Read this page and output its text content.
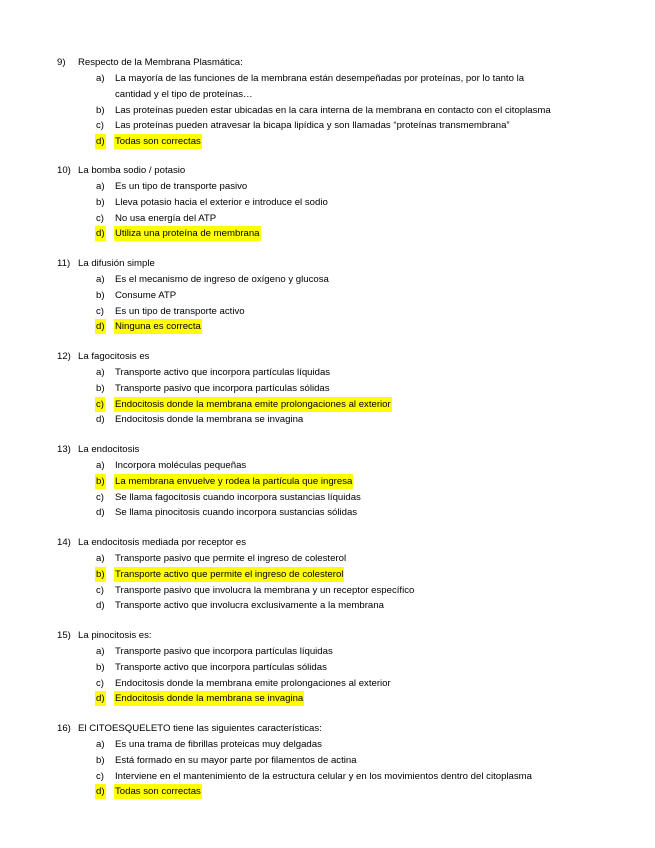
9) Respecto de la Membrana Plasmática:
a) La mayoría de las funciones de la membrana están desempeñadas por proteínas, por lo tanto la
cantidad y el tipo de proteínas…
b) Las proteínas pueden estar ubicadas en la cara interna de la membrana en contacto con el citoplasma
c) Las proteínas pueden atravesar la bicapa lipídica y son llamadas “proteínas transmembrana”
d) Todas son correctas
10) La bomba sodio / potasio
a) Es un tipo de transporte pasivo
b) Lleva potasio hacia el exterior e introduce el sodio
c) No usa energía del ATP
d) Utiliza una proteína de membrana
11) La difusión simple
a) Es el mecanismo de ingreso de oxígeno y glucosa
b) Consume ATP
c) Es un tipo de transporte activo
d) Ninguna es correcta
12) La fagocitosis es
a) Transporte activo que incorpora partículas líquidas
b) Transporte pasivo que incorpora partículas sólidas
c) Endocitosis donde la membrana emite prolongaciones al exterior
d) Endocitosis donde la membrana se invagina
13) La endocitosis
a) Incorpora moléculas pequeñas
b) La membrana envuelve y rodea la partícula que ingresa
c) Se llama fagocitosis cuando incorpora sustancias líquidas
d) Se llama pinocitosis cuando incorpora sustancias sólidas
14) La endocitosis mediada por receptor es
a) Transporte pasivo que permite el ingreso de colesterol
b) Transporte activo que permite el ingreso de colesterol
c) Transporte pasivo que involucra la membrana y un receptor específico
d) Transporte activo que involucra exclusivamente a la membrana
15) La pinocitosis es:
a) Transporte pasivo que incorpora partículas líquidas
b) Transporte activo que incorpora partículas sólidas
c) Endocitosis donde la membrana emite prolongaciones al exterior
d) Endocitosis donde la membrana se invagina
16) El CITOESQUELETO tiene las siguientes características:
a) Es una trama de fibrillas proteicas muy delgadas
b) Está formado en su mayor parte por filamentos de actina
c) Interviene en el mantenimiento de la estructura celular y en los movimientos dentro del citoplasma
d) Todas son correctas
